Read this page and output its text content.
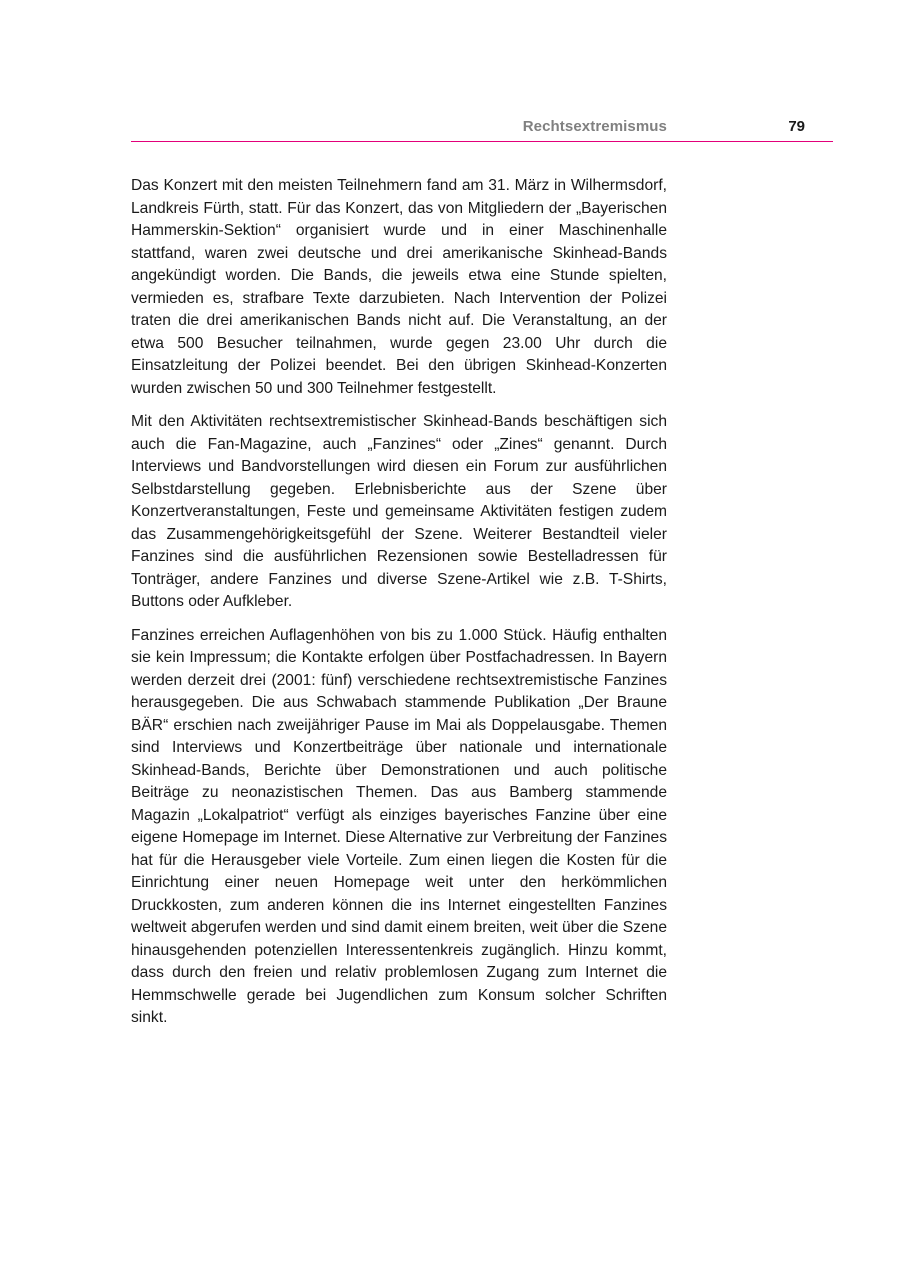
Rechtsextremismus	79

Das Konzert mit den meisten Teilnehmern fand am 31. März in Wilhermsdorf, Landkreis Fürth, statt. Für das Konzert, das von Mitgliedern der „Bayerischen Hammerskin-Sektion“ organisiert wurde und in einer Maschinenhalle stattfand, waren zwei deutsche und drei amerikanische Skinhead-Bands angekündigt worden. Die Bands, die jeweils etwa eine Stunde spielten, vermieden es, strafbare Texte darzubieten. Nach Intervention der Polizei traten die drei amerikanischen Bands nicht auf. Die Veranstaltung, an der etwa 500 Besucher teilnahmen, wurde gegen 23.00 Uhr durch die Einsatzleitung der Polizei beendet. Bei den übrigen Skinhead-Konzerten wurden zwischen 50 und 300 Teilnehmer festgestellt.

Mit den Aktivitäten rechtsextremistischer Skinhead-Bands beschäftigen sich auch die Fan-Magazine, auch „Fanzines“ oder „Zines“ genannt. Durch Interviews und Bandvorstellungen wird diesen ein Forum zur ausführlichen Selbstdarstellung gegeben. Erlebnisberichte aus der Szene über Konzertveranstaltungen, Feste und gemeinsame Aktivitäten festigen zudem das Zusammengehörigkeitsgefühl der Szene. Weiterer Bestandteil vieler Fanzines sind die ausführlichen Rezensionen sowie Bestelladressen für Tonträger, andere Fanzines und diverse Szene-Artikel wie z.B. T-Shirts, Buttons oder Aufkleber.

Fanzines erreichen Auflagenhöhen von bis zu 1.000 Stück. Häufig enthalten sie kein Impressum; die Kontakte erfolgen über Postfachadressen. In Bayern werden derzeit drei (2001: fünf) verschiedene rechtsextremistische Fanzines herausgegeben. Die aus Schwabach stammende Publikation „Der Braune BÄR“ erschien nach zweijähriger Pause im Mai als Doppelausgabe. Themen sind Interviews und Konzertbeiträge über nationale und internationale Skinhead-Bands, Berichte über Demonstrationen und auch politische Beiträge zu neonazistischen Themen. Das aus Bamberg stammende Magazin „Lokalpatriot“ verfügt als einziges bayerisches Fanzine über eine eigene Homepage im Internet. Diese Alternative zur Verbreitung der Fanzines hat für die Herausgeber viele Vorteile. Zum einen liegen die Kosten für die Einrichtung einer neuen Homepage weit unter den herkömmlichen Druckkosten, zum anderen können die ins Internet eingestellten Fanzines weltweit abgerufen werden und sind damit einem breiten, weit über die Szene hinausgehenden potenziellen Interessentenkreis zugänglich. Hinzu kommt, dass durch den freien und relativ problemlosen Zugang zum Internet die Hemmschwelle gerade bei Jugendlichen zum Konsum solcher Schriften sinkt.
